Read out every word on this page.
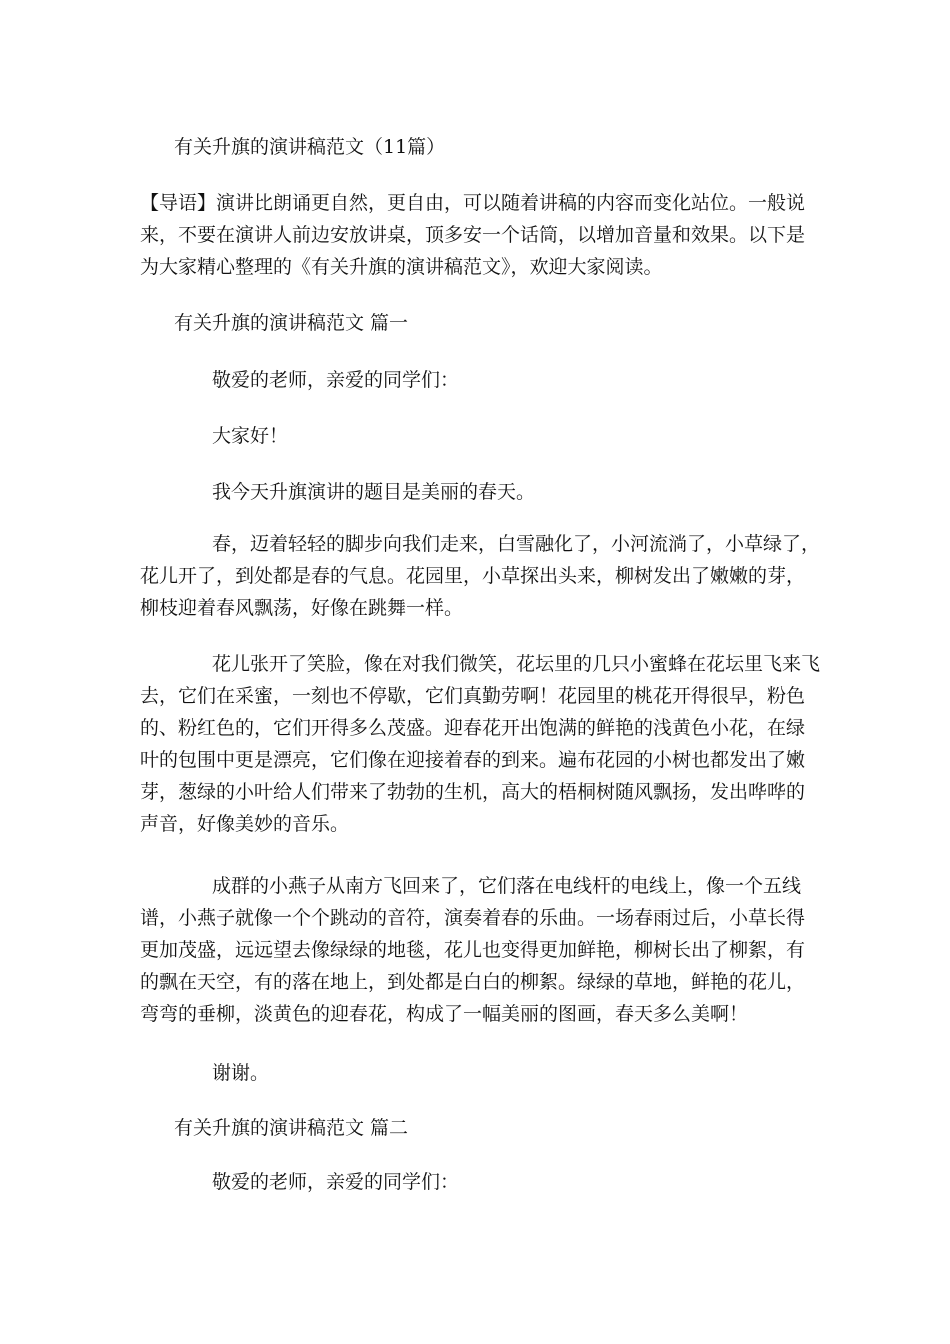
有关升旗的演讲稿范文（11篇）

【导语】演讲比朗诵更自然，更自由，可以随着讲稿的内容而变化站位。一般说来，不要在演讲人前边安放讲桌，顶多安一个话筒，以增加音量和效果。以下是为大家精心整理的《有关升旗的演讲稿范文》，欢迎大家阅读。

有关升旗的演讲稿范文 篇一

敬爱的老师，亲爱的同学们：

大家好！

我今天升旗演讲的题目是美丽的春天。

春，迈着轻轻的脚步向我们走来，白雪融化了，小河流淌了，小草绿了，花儿开了，到处都是春的气息。花园里，小草探出头来，柳树发出了嫩嫩的芽，柳枝迎着春风飘荡，好像在跳舞一样。

花儿张开了笑脸，像在对我们微笑，花坛里的几只小蜜蜂在花坛里飞来飞去，它们在采蜜，一刻也不停歇，它们真勤劳啊！花园里的桃花开得很早，粉色的、粉红色的，它们开得多么茂盛。迎春花开出饱满的鲜艳的浅黄色小花，在绿叶的包围中更是漂亮，它们像在迎接着春的到来。遍布花园的小树也都发出了嫩芽，葱绿的小叶给人们带来了勃勃的生机，高大的梧桐树随风飘扬，发出哗哗的声音，好像美妙的音乐。

成群的小燕子从南方飞回来了，它们落在电线杆的电线上，像一个五线谱，小燕子就像一个个跳动的音符，演奏着春的乐曲。一场春雨过后，小草长得更加茂盛，远远望去像绿绿的地毯，花儿也变得更加鲜艳，柳树长出了柳絮，有的飘在天空，有的落在地上，到处都是白白的柳絮。绿绿的草地，鲜艳的花儿，弯弯的垂柳，淡黄色的迎春花，构成了一幅美丽的图画，春天多么美啊！

谢谢。

有关升旗的演讲稿范文 篇二

敬爱的老师，亲爱的同学们：
